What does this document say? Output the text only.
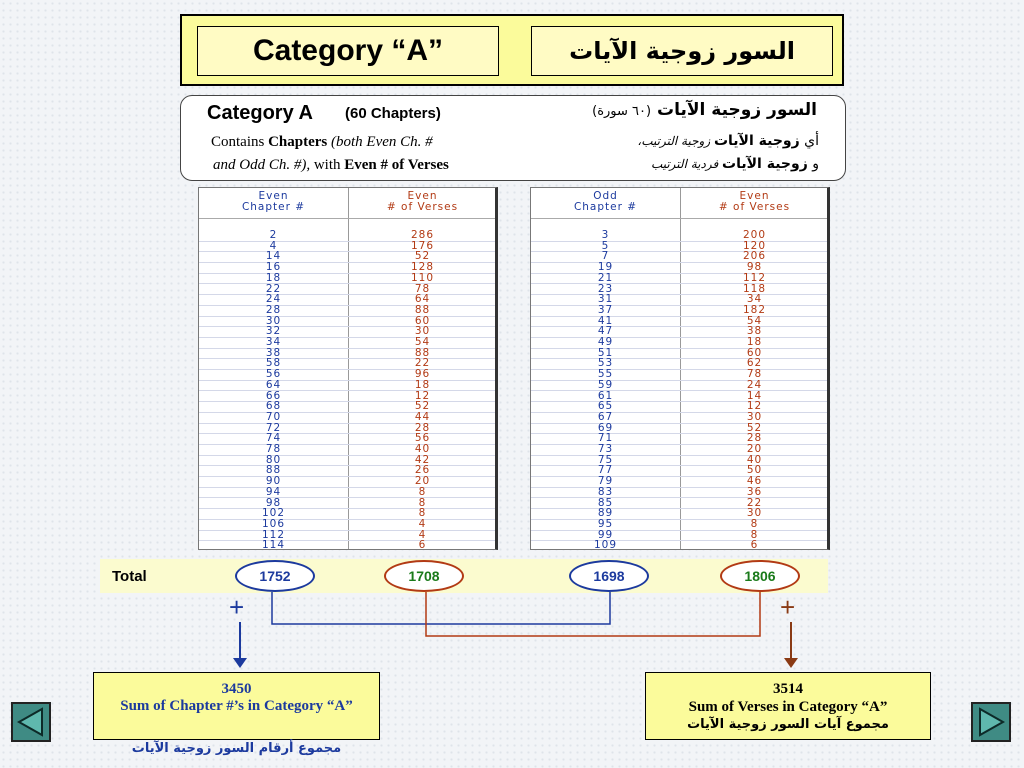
Category “A”	السور زوجية الآيات
Category A (60 Chapters)
Contains Chapters (both Even Ch. #
and Odd Ch. #), with Even # of Verses
السور زوجية الآيات (٦٠ سورة)
أي زوجية الآيات زوجية الترتيب،
و زوجية الآيات فردية الترتيب
Even
Chapter #
Even
# of Verses
2	286
4	176
14	52
16	128
18	110
22	78
24	64
28	88
30	60
32	30
34	54
38	88
58	22
56	96
64	18
66	12
68	52
70	44
72	28
74	56
78	40
80	42
88	26
90	20
94	8
98	8
102	8
106	4
112	4
114	6
Odd
Chapter #
Even
# of Verses
3	200
5	120
7	206
19	98
21	112
23	118
31	34
37	182
41	54
47	38
49	18
51	60
53	62
55	78
59	24
61	14
65	12
67	30
69	52
71	28
73	20
75	40
77	50
79	46
83	36
85	22
89	30
95	8
99	8
109	6
Total	1752	1708	1698	1806
+	+
3450
Sum of Chapter #’s in Category “A”
مجموع أرقام السور زوجية الآيات
3514
Sum of Verses in Category “A”
مجموع آيات السور زوجية الآيات
